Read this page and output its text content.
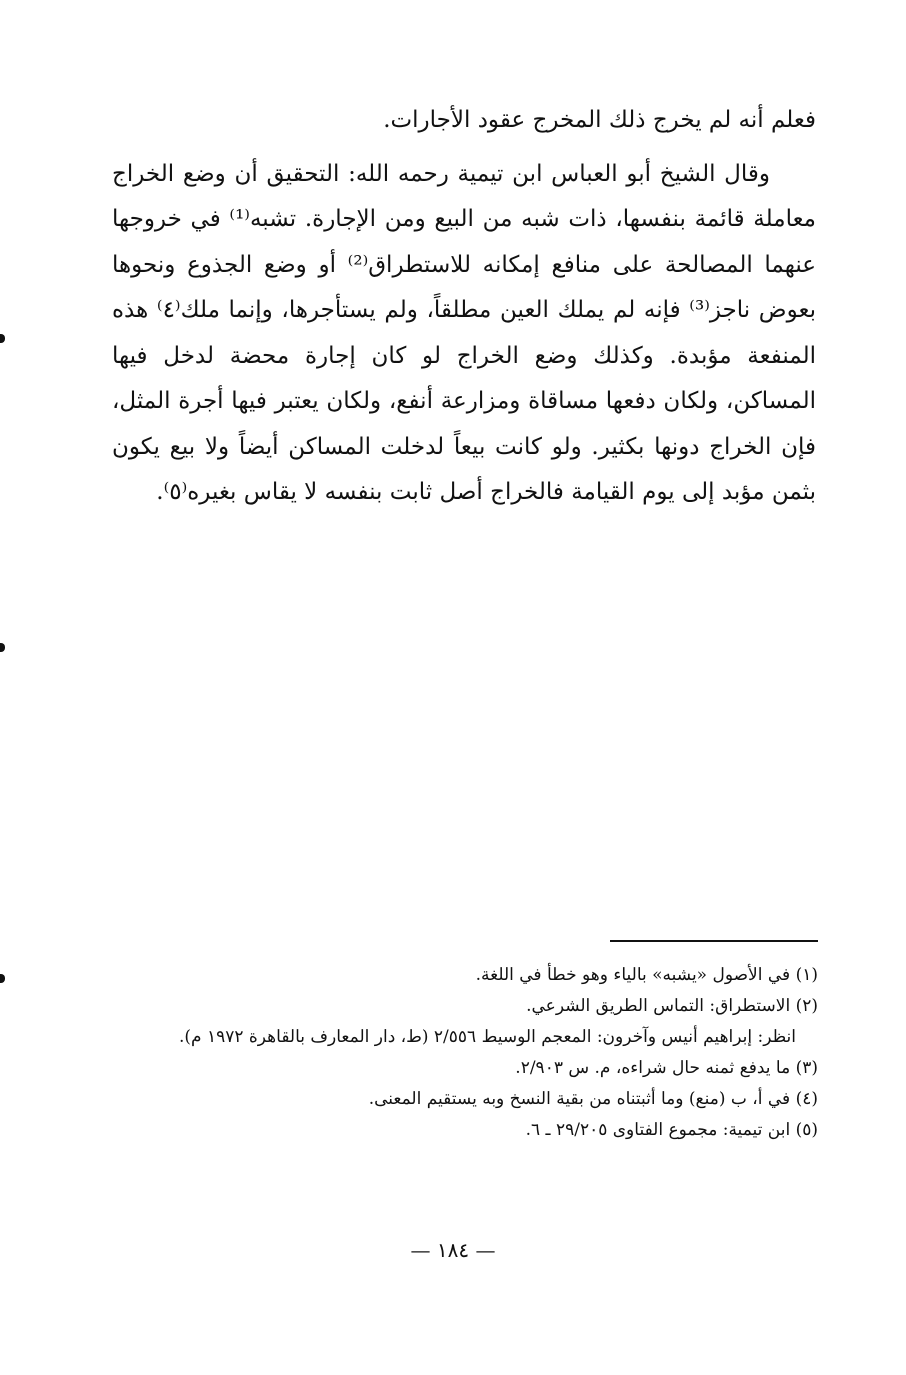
فعلم أنه لم يخرج ذلك المخرج عقود الأجارات.

وقال الشيخ أبو العباس ابن تيمية رحمه الله: التحقيق أن وضع الخراج معاملة قائمة بنفسها، ذات شبه من البيع ومن الإجارة. تشبه⁽¹⁾ في خروجها عنهما المصالحة على منافع إمكانه للاستطراق⁽²⁾ أو وضع الجذوع ونحوها بعوض ناجز⁽³⁾ فإنه لم يملك العين مطلقاً، ولم يستأجرها، وإنما ملك⁽٤⁾ هذه المنفعة مؤبدة. وكذلك وضع الخراج لو كان إجارة محضة لدخل فيها المساكن، ولكان دفعها مساقاة ومزارعة أنفع، ولكان يعتبر فيها أجرة المثل، فإن الخراج دونها بكثير. ولو كانت بيعاً لدخلت المساكن أيضاً ولا بيع يكون بثمن مؤبد إلى يوم القيامة فالخراج أصل ثابت بنفسه لا يقاس بغيره⁽٥⁾.

(١) في الأصول «يشبه» بالياء وهو خطأ في اللغة.
(٢) الاستطراق: التماس الطريق الشرعي.
انظر: إبراهيم أنيس وآخرون: المعجم الوسيط ٢/٥٥٦ (ط، دار المعارف بالقاهرة ١٩٧٢ م).
(٣) ما يدفع ثمنه حال شراءه، م. س ٢/٩٠٣.
(٤) في أ، ب (منع) وما أثبتناه من بقية النسخ وبه يستقيم المعنى.
(٥) ابن تيمية: مجموع الفتاوى ٢٩/٢٠٥ ـ ٦.
— ١٨٤ —
